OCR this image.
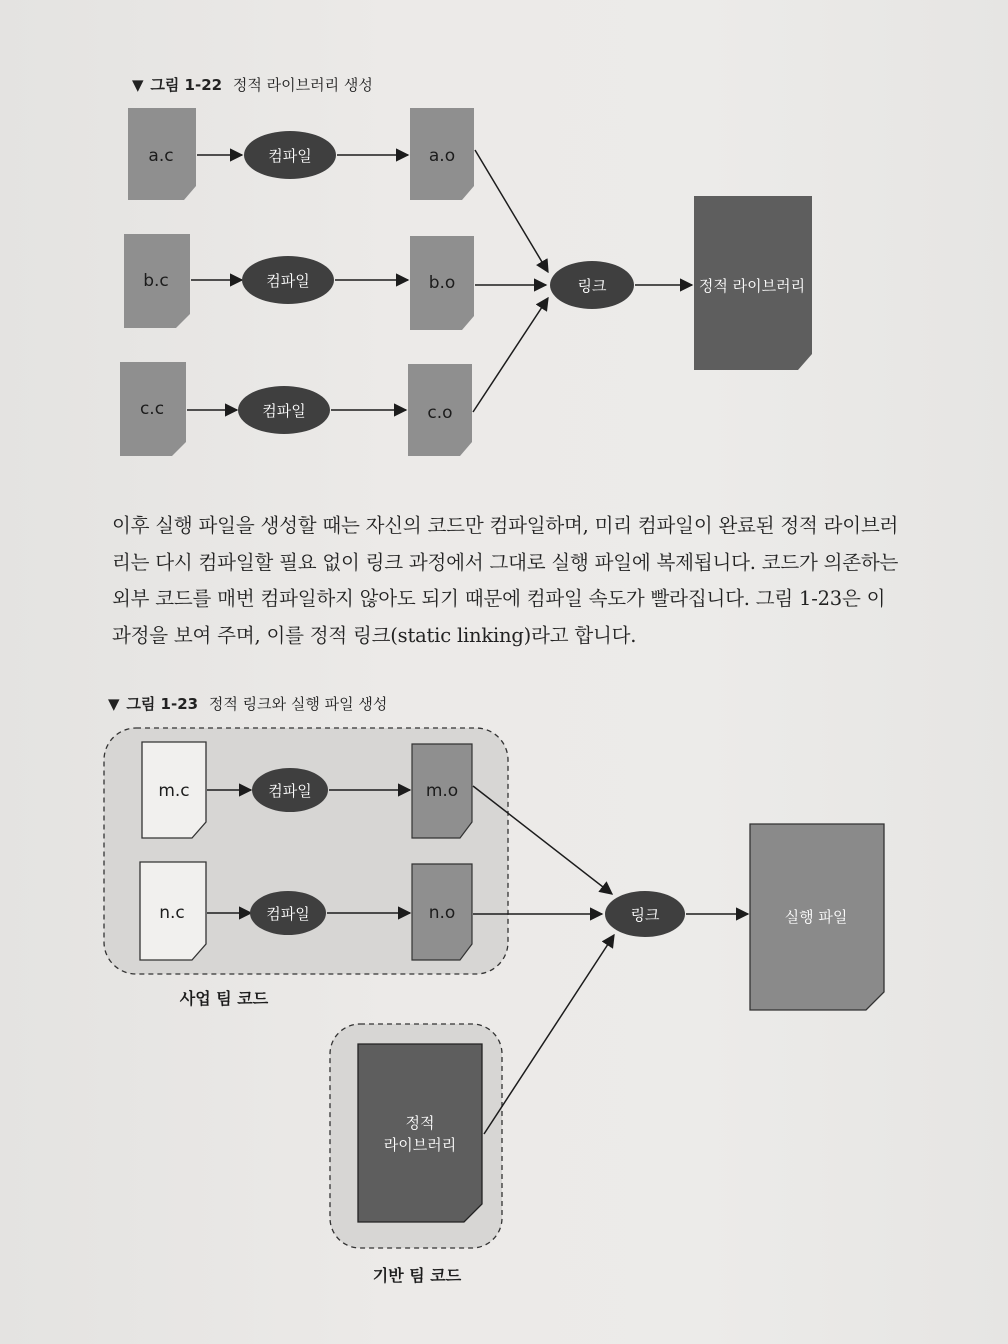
▼ 그림 1-22 정적 라이브러리 생성
a.c
b.c
c.c
컴파일
컴파일
컴파일
a.o
b.o
c.o
링크	정적 라이브러리
▼ 그림 1-23 정적 링크와 실행 파일 생성
사업 팀 코드
기반 팀 코드
m.c
n.c
컴파일
컴파일
m.o
n.o	링크	실행 파일
정적
라이브러리

이후 실행 파일을 생성할 때는 자신의 코드만 컴파일하며, 미리 컴파일이 완료된 정적 라이브러

리는 다시 컴파일할 필요 없이 링크 과정에서 그대로 실행 파일에 복제됩니다. 코드가 의존하는

외부 코드를 매번 컴파일하지 않아도 되기 때문에 컴파일 속도가 빨라집니다. 그림 1-23은 이

과정을 보여 주며, 이를 정적 링크(static linking)라고 합니다.
